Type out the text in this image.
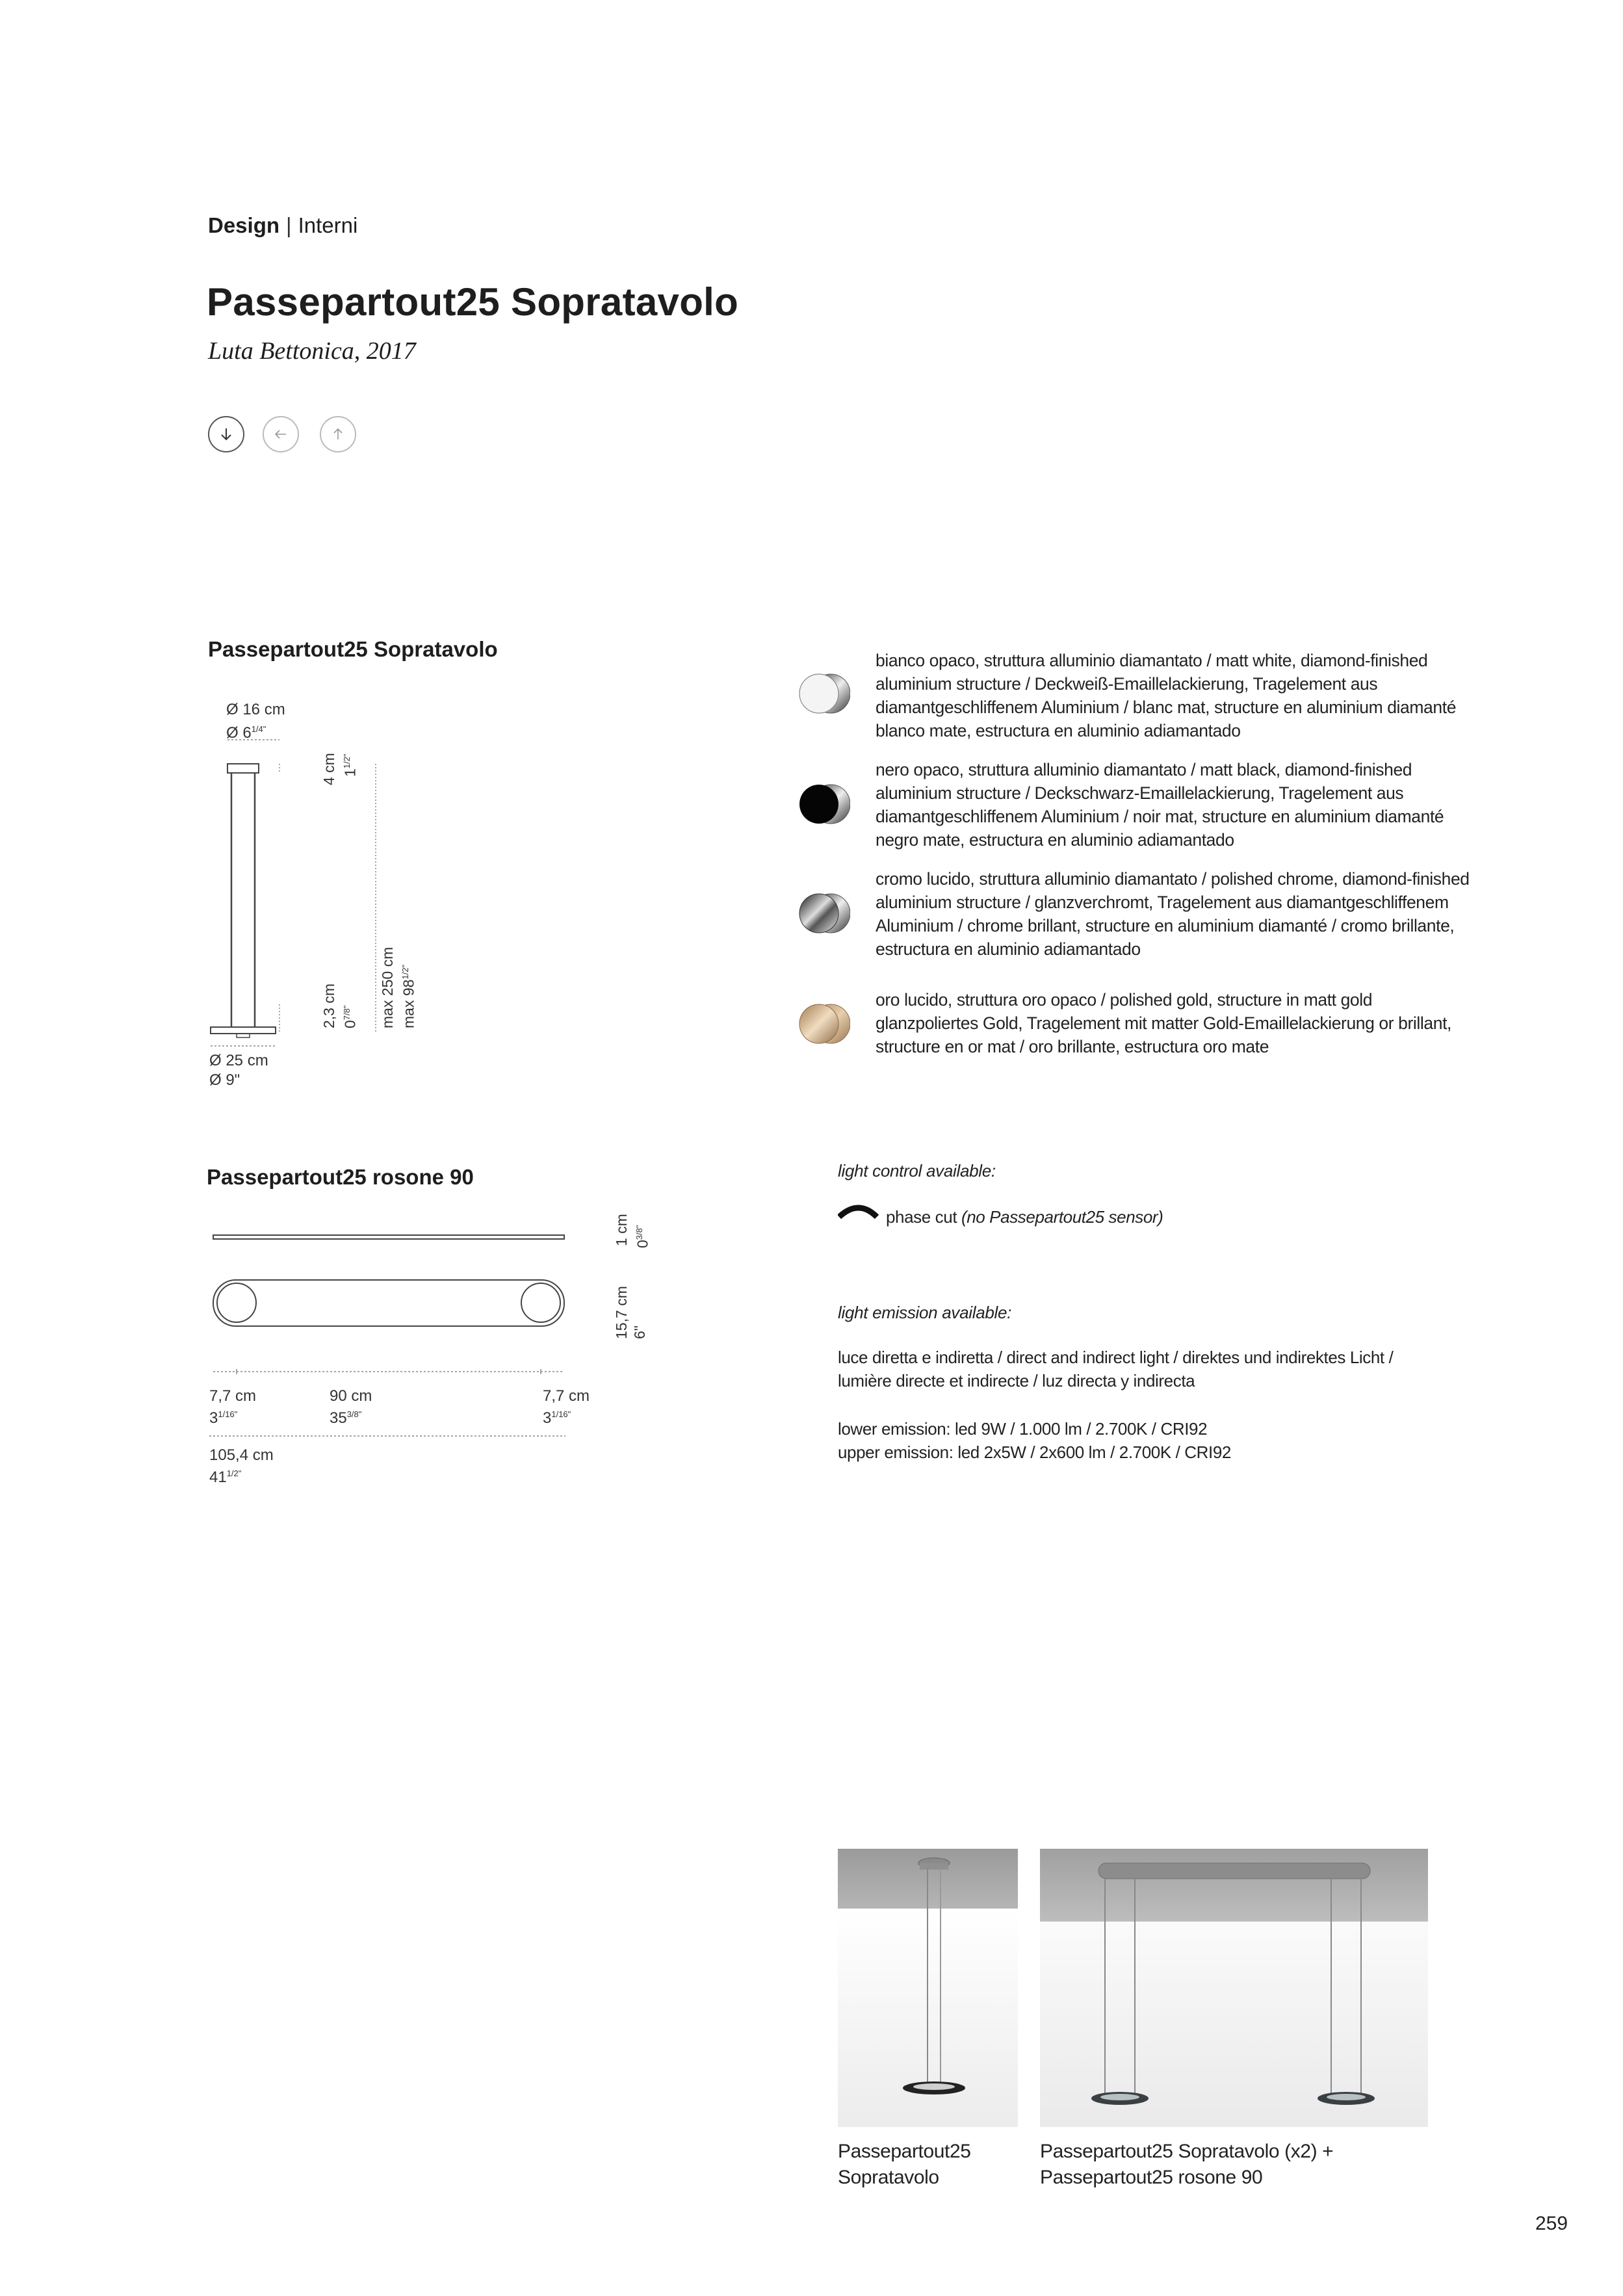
Design | Interni
Passepartout25 Sopratavolo
Luta Bettonica, 2017
Passepartout25 Sopratavolo
Ø 16 cm
Ø $6^{1/4"}$
4 cm $1^{1/2"}$
2,3 cm $0^{7/8"}$	max 250 cm $\max 98^{1/2"}$
Ø 25 cm
Ø 9"
bianco opaco, struttura alluminio diamantato / matt white, diamond-finished aluminium structure / Deckweiß-Emaillelackierung, Tragelement aus diamantgeschliffenem Aluminium / blanc mat, structure en aluminium diamanté blanco mate, estructura en aluminio adiamantado
nero opaco, struttura alluminio diamantato / matt black, diamond-finished aluminium structure / Deckschwarz-Emaillelackierung, Tragelement aus diamantgeschliffenem Aluminium / noir mat, structure en aluminium diamanté negro mate, estructura en aluminio adiamantado
cromo lucido, struttura alluminio diamantato / polished chrome, diamond-finished aluminium structure / glanzverchromt, Tragelement aus diamantgeschliffenem Aluminium / chrome brillant, structure en aluminium diamanté / cromo brillante, estructura en aluminio adiamantado
oro lucido, struttura oro opaco / polished gold, structure in matt gold glanzpoliertes Gold, Tragelement mit matter Gold-Emaillelackierung or brillant, structure en or mat / oro brillante, estructura oro mate
Passepartout25 rosone 90
1 cm $0^{3/8"}$
15,7 cm 6"
7,7 cm
$3^{1/16"}$
90 cm
$35^{3/8"}$
7,7 cm
$3^{1/16"}$
105,4 cm
$41^{1/2"}$
light control available:
phase cut (no Passepartout25 sensor)
light emission available:
luce diretta e indiretta / direct and indirect light / direktes und indirektes Licht /
lumière directe et indirecte / luz directa y indirecta
lower emission: led 9W / 1.000 lm / 2.700K / CRI92
upper emission: led 2x5W / 2x600 lm / 2.700K / CRI92
Passepartout25
Sopratavolo
Passepartout25 Sopratavolo (x2) +
Passepartout25 rosone 90
259
